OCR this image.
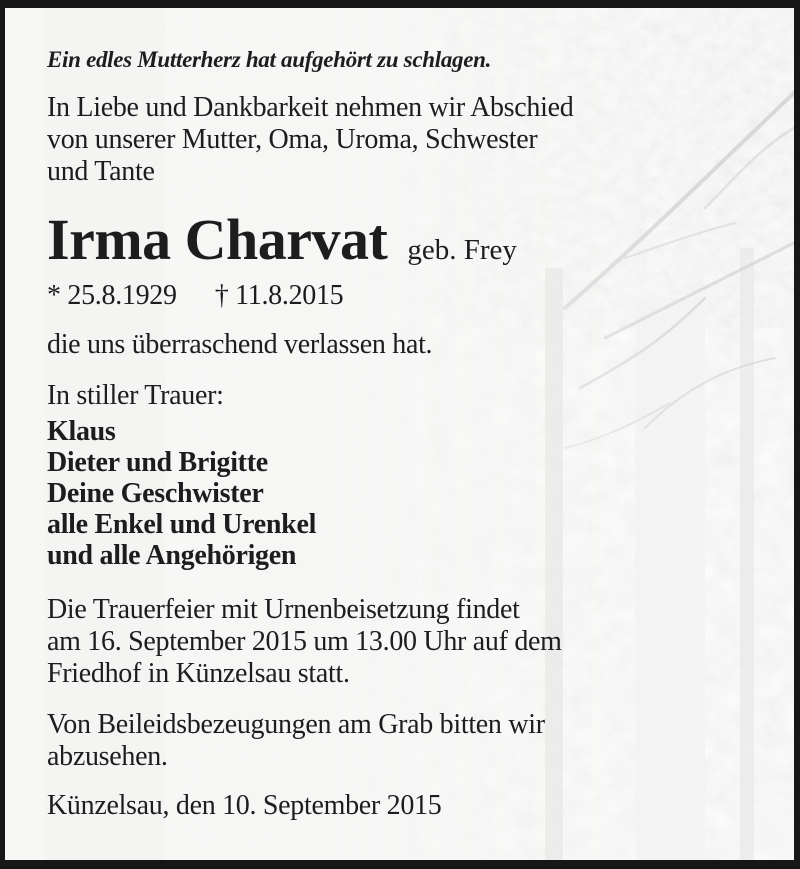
Ein edles Mutterherz hat aufgehört zu schlagen.

In Liebe und Dankbarkeit nehmen wir Abschied
von unserer Mutter, Oma, Uroma, Schwester
und Tante
Irma Charvat geb. Frey
* 25.8.1929 † 11.8.2015

die uns überraschend verlassen hat.

In stiller Trauer:

Klaus
Dieter und Brigitte
Deine Geschwister
alle Enkel und Urenkel
und alle Angehörigen
Die Trauerfeier mit Urnenbeisetzung findet
am 16. September 2015 um 13.00 Uhr auf dem
Friedhof in Künzelsau statt.
Von Beileidsbezeugungen am Grab bitten wir
abzusehen.

Künzelsau, den 10. September 2015
